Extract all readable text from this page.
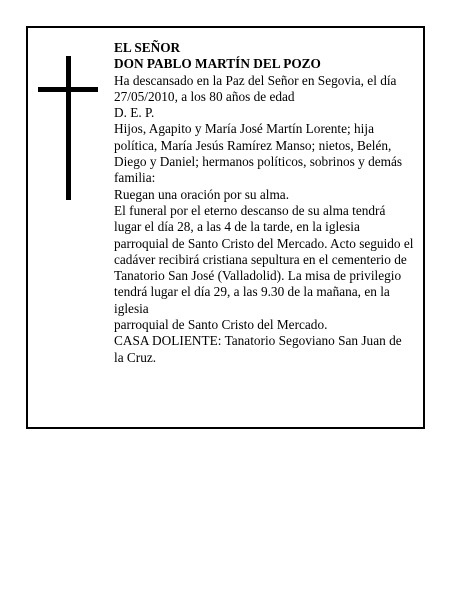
EL SEÑOR

DON PABLO MARTÍN DEL POZO

Ha descansado en la Paz del Señor en Segovia, el día 27/05/2010, a los 80 años de edad

D. E. P.

Hijos, Agapito y María José Martín Lorente; hija política, María Jesús Ramírez Manso; nietos, Belén, Diego y Daniel; hermanos políticos, sobrinos y demás familia:

Ruegan una oración por su alma.

El funeral por el eterno descanso de su alma tendrá lugar el día 28, a las 4 de la tarde, en la iglesia

parroquial de Santo Cristo del Mercado. Acto seguido el cadáver recibirá cristiana sepultura en el cementerio de Tanatorio San José (Valladolid). La misa de privilegio tendrá lugar el día 29, a las 9.30 de la mañana, en la iglesia

parroquial de Santo Cristo del Mercado.

CASA DOLIENTE: Tanatorio Segoviano San Juan de la Cruz.
